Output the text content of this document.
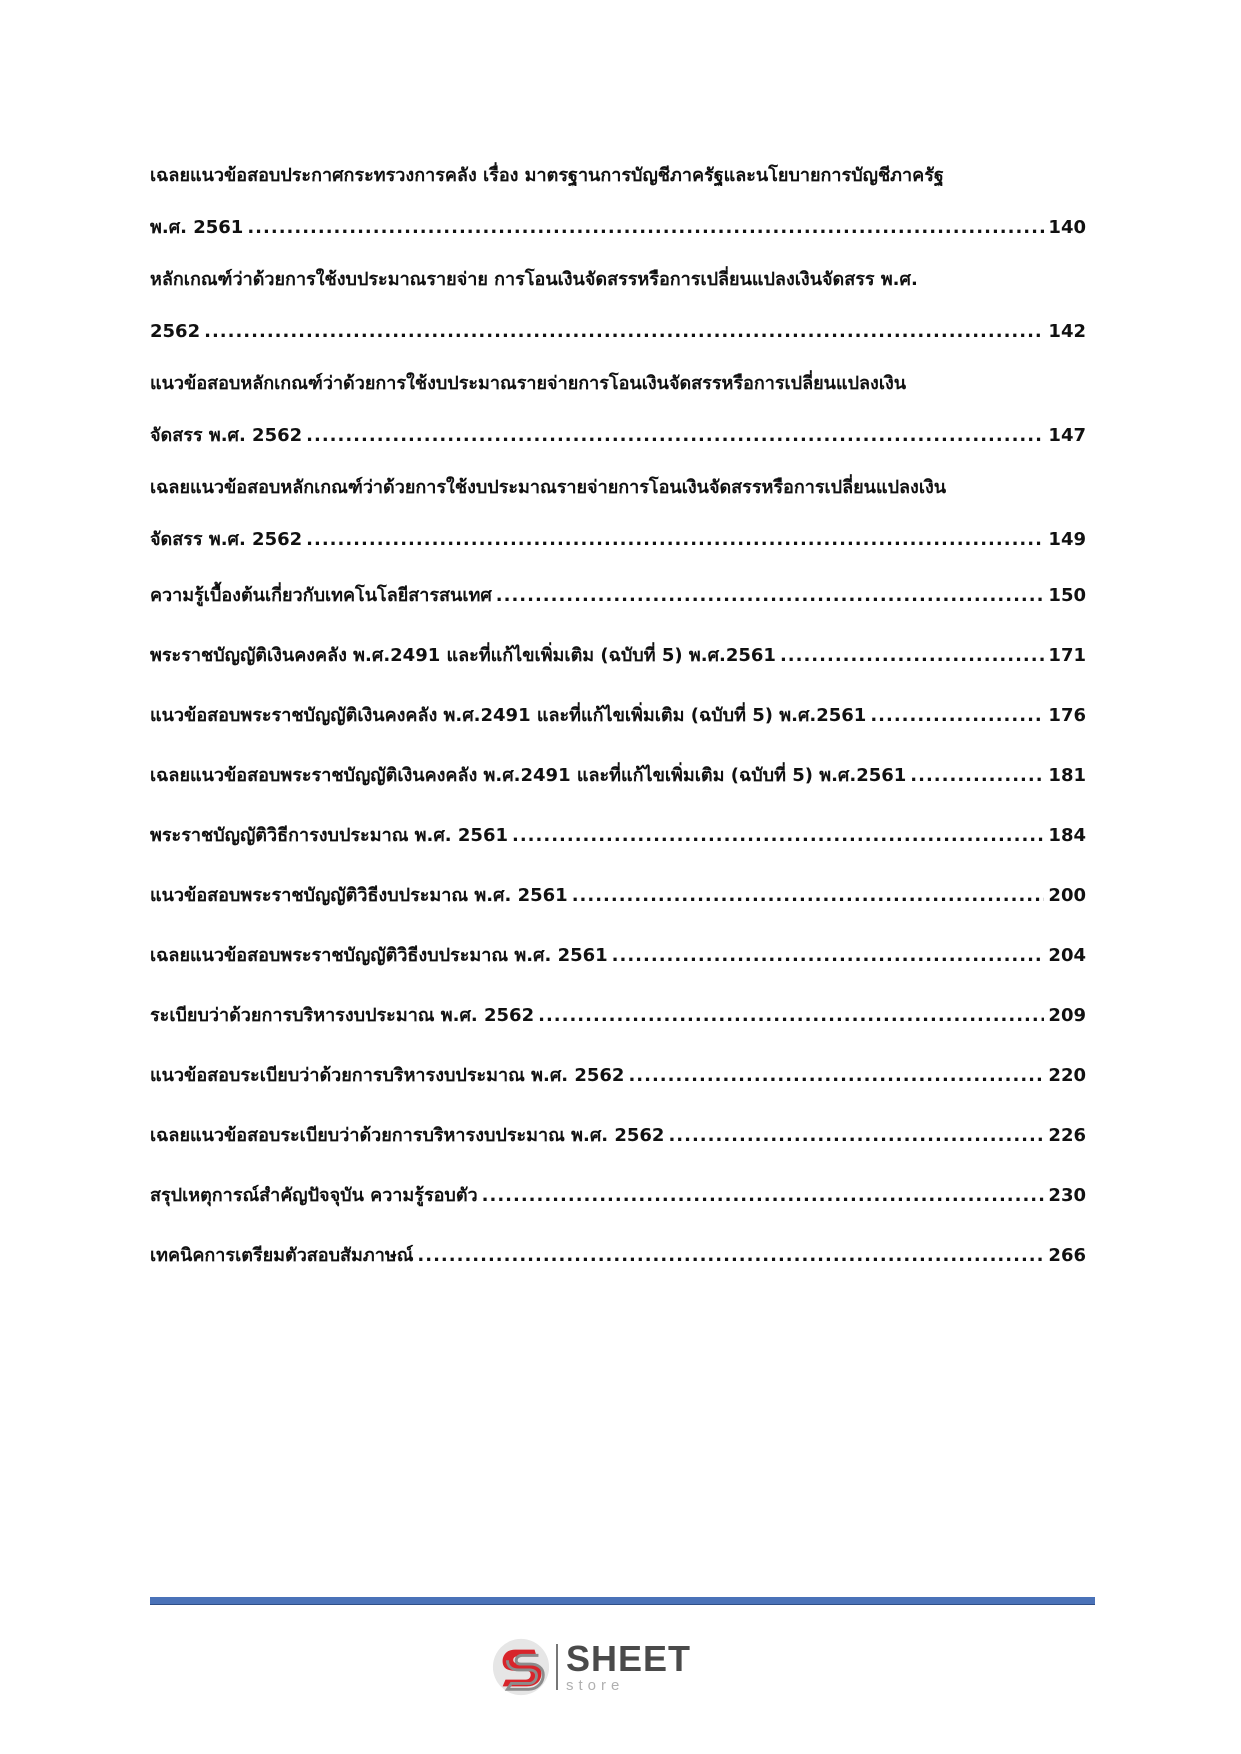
เฉลยแนวข้อสอบประกาศกระทรวงการคลัง เรื่อง มาตรฐานการบัญชีภาครัฐและนโยบายการบัญชีภาครัฐ
พ.ศ. 2561 .....	140
หลักเกณฑ์ว่าด้วยการใช้งบประมาณรายจ่าย การโอนเงินจัดสรรหรือการเปลี่ยนแปลงเงินจัดสรร พ.ศ.
2562 .....	142
แนวข้อสอบหลักเกณฑ์ว่าด้วยการใช้งบประมาณรายจ่ายการโอนเงินจัดสรรหรือการเปลี่ยนแปลงเงิน
จัดสรร พ.ศ. 2562 .....	147
เฉลยแนวข้อสอบหลักเกณฑ์ว่าด้วยการใช้งบประมาณรายจ่ายการโอนเงินจัดสรรหรือการเปลี่ยนแปลงเงิน
จัดสรร พ.ศ. 2562 .....	149
ความรู้เบื้องต้นเกี่ยวกับเทคโนโลยีสารสนเทศ .....	150
พระราชบัญญัติเงินคงคลัง พ.ศ.2491 และที่แก้ไขเพิ่มเติม (ฉบับที่ 5) พ.ศ.2561 .....	171
แนวข้อสอบพระราชบัญญัติเงินคงคลัง พ.ศ.2491 และที่แก้ไขเพิ่มเติม (ฉบับที่ 5) พ.ศ.2561 .....	176
เฉลยแนวข้อสอบพระราชบัญญัติเงินคงคลัง พ.ศ.2491 และที่แก้ไขเพิ่มเติม (ฉบับที่ 5) พ.ศ.2561 .....	181
พระราชบัญญัติวิธีการงบประมาณ พ.ศ. 2561 .....	184
แนวข้อสอบพระราชบัญญัติวิธีงบประมาณ พ.ศ. 2561 .....	200
เฉลยแนวข้อสอบพระราชบัญญัติวิธีงบประมาณ พ.ศ. 2561 .....	204
ระเบียบว่าด้วยการบริหารงบประมาณ พ.ศ. 2562 .....	209
แนวข้อสอบระเบียบว่าด้วยการบริหารงบประมาณ พ.ศ. 2562 .....	220
เฉลยแนวข้อสอบระเบียบว่าด้วยการบริหารงบประมาณ พ.ศ. 2562 .....	226
สรุปเหตุการณ์สำคัญปัจจุบัน ความรู้รอบตัว .....	230
เทคนิคการเตรียมตัวสอบสัมภาษณ์ .....	266
SHEET
store
